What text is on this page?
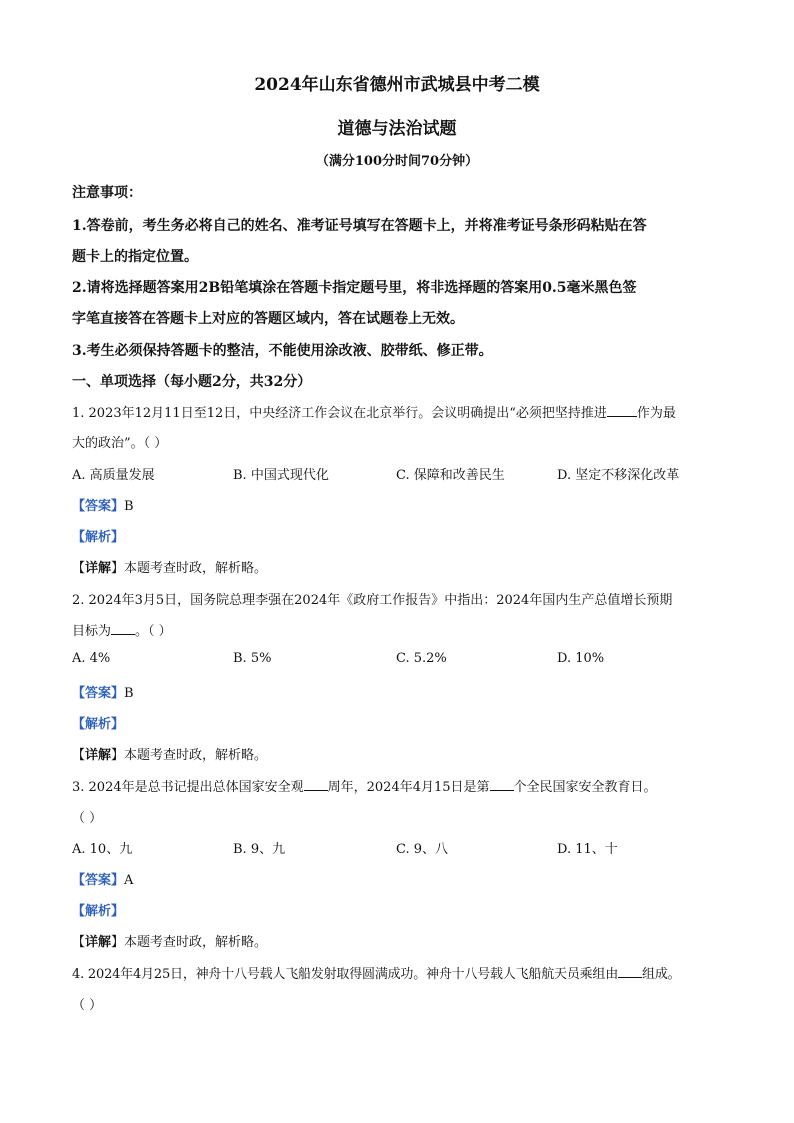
2024年山东省德州市武城县中考二模
道德与法治试题
（满分100分时间70分钟）
注意事项：
1.答卷前，考生务必将自己的姓名、准考证号填写在答题卡上，并将准考证号条形码粘贴在答
题卡上的指定位置。
2.请将选择题答案用2B铅笔填涂在答题卡指定题号里，将非选择题的答案用0.5毫米黑色签
字笔直接答在答题卡上对应的答题区域内，答在试题卷上无效。
3.考生必须保持答题卡的整洁，不能使用涂改液、胶带纸、修正带。
一、单项选择（每小题2分，共32分）
1. 2023年12月11日至12日，中央经济工作会议在北京举行。会议明确提出“必须把坚持推进 作为最
大的政治”。（ ）
A. 高质量发展	B. 中国式现代化	C. 保障和改善民生	D. 坚定不移深化改革
【答案】B
【解析】
【详解】本题考查时政，解析略。
2. 2024年3月5日，国务院总理李强在2024年《政府工作报告》中指出：2024年国内生产总值增长预期
目标为 。（ ）
A. 4%	B. 5%	C. 5.2%	D. 10%
【答案】B
【解析】
【详解】本题考查时政，解析略。
3. 2024年是总书记提出总体国家安全观 周年，2024年4月15日是第 个全民国家安全教育日。
（ ）
A. 10、九	B. 9、九	C. 9、八	D. 11、十
【答案】A
【解析】
【详解】本题考查时政，解析略。
4. 2024年4月25日，神舟十八号载人飞船发射取得圆满成功。神舟十八号载人飞船航天员乘组由 组成。
（ ）
